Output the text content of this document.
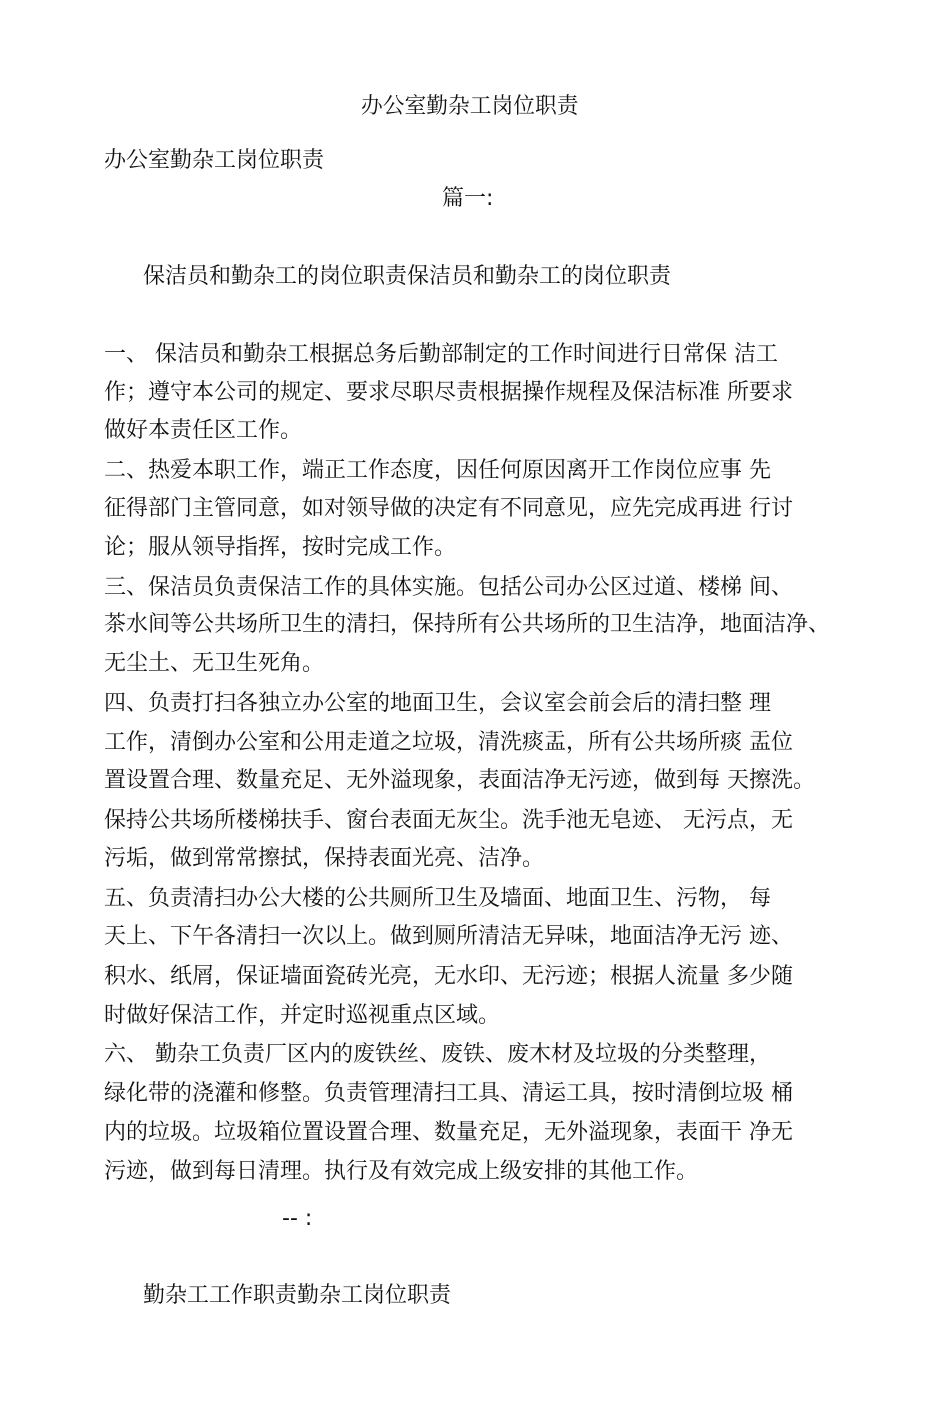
办公室勤杂工岗位职责

办公室勤杂工岗位职责

篇一:

保洁员和勤杂工的岗位职责保洁员和勤杂工的岗位职责

一、 保洁员和勤杂工根据总务后勤部制定的工作时间进行日常保 洁工

作；遵守本公司的规定、要求尽职尽责根据操作规程及保洁标准 所要求

做好本责任区工作。

二、热爱本职工作，端正工作态度，因任何原因离开工作岗位应事 先

征得部门主管同意，如对领导做的决定有不同意见，应先完成再进 行讨

论；服从领导指挥，按时完成工作。

三、保洁员负责保洁工作的具体实施。包括公司办公区过道、楼梯 间、

茶水间等公共场所卫生的清扫，保持所有公共场所的卫生洁净，地面洁净、

无尘土、无卫生死角。

四、负责打扫各独立办公室的地面卫生，会议室会前会后的清扫整 理

工作，清倒办公室和公用走道之垃圾，清洗痰盂，所有公共场所痰 盂位

置设置合理、数量充足、无外溢现象，表面洁净无污迹，做到每 天擦洗。

保持公共场所楼梯扶手、窗台表面无灰尘。洗手池无皂迹、 无污点，无

污垢，做到常常擦拭，保持表面光亮、洁净。

五、负责清扫办公大楼的公共厕所卫生及墙面、地面卫生、污物， 每

天上、下午各清扫一次以上。做到厕所清洁无异味，地面洁净无污 迹、

积水、纸屑，保证墙面瓷砖光亮，无水印、无污迹；根据人流量 多少随

时做好保洁工作，并定时巡视重点区域。

六、 勤杂工负责厂区内的废铁丝、废铁、废木材及垃圾的分类整理，

绿化带的浇灌和修整。负责管理清扫工具、清运工具，按时清倒垃圾 桶

内的垃圾。垃圾箱位置设置合理、数量充足，无外溢现象，表面干 净无

污迹，做到每日清理。执行及有效完成上级安排的其他工作。

-- :

勤杂工工作职责勤杂工岗位职责
